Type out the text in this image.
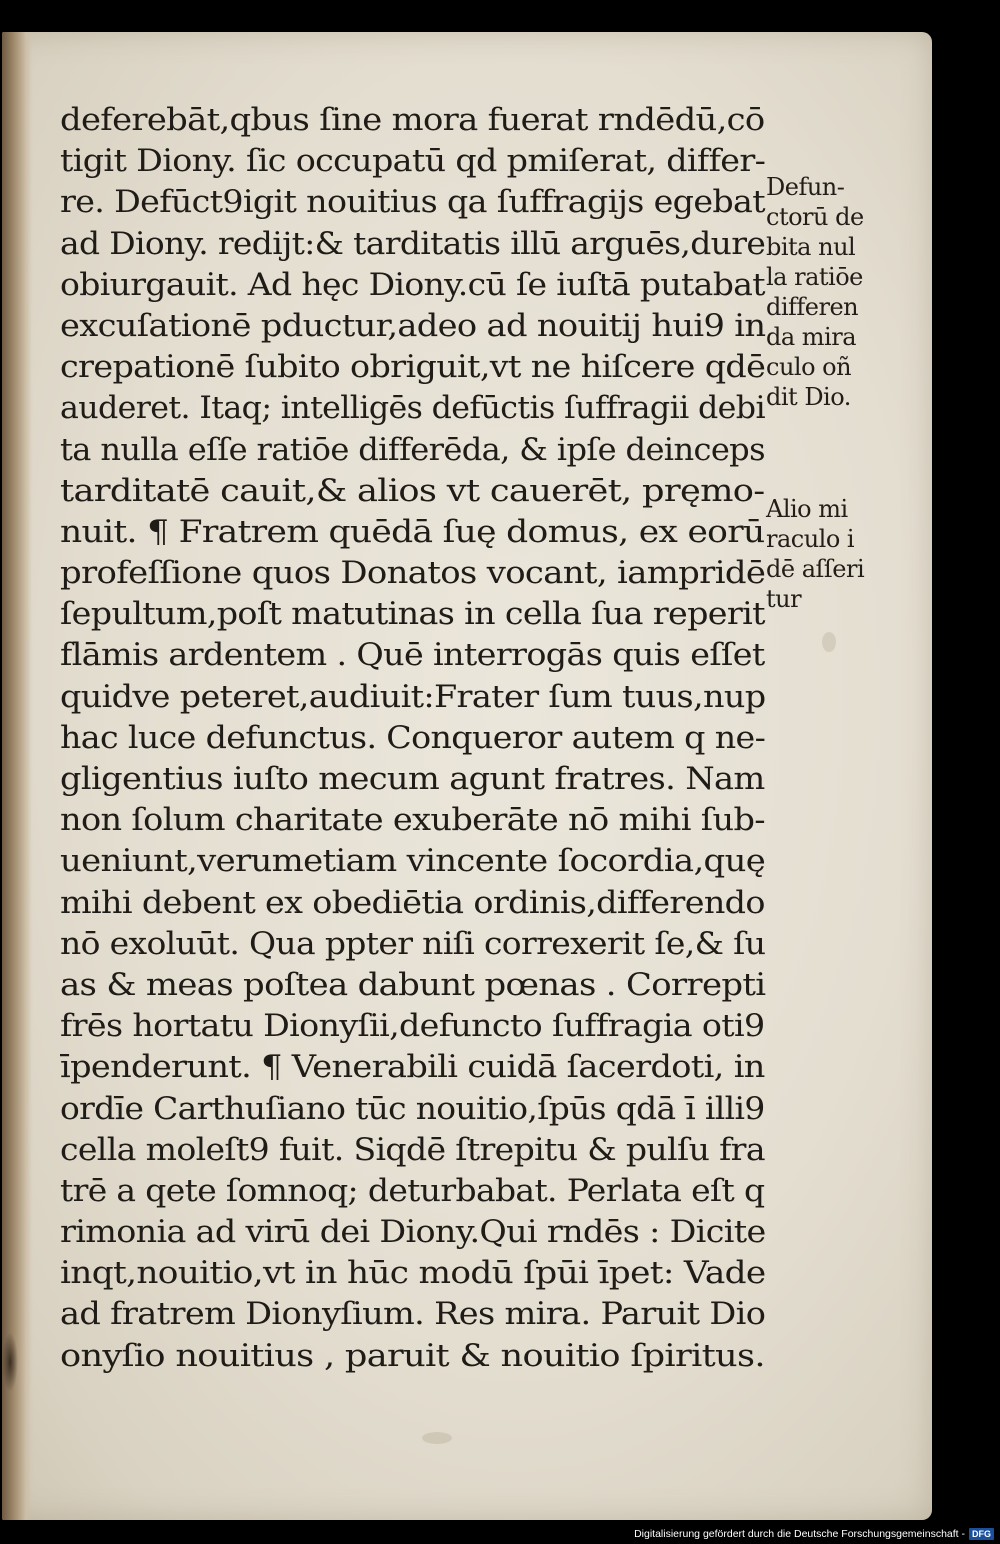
deferebāt,qbus ſine mora fuerat rndēdū,cō
tigit Diony. ſic occupatū qd pmiſerat, differ-
re. Defūct9igit nouitius qa ſuffragijs egebat
ad Diony. redijt:& tarditatis illū arguēs,dure
obiurgauit. Ad hęc Diony.cū ſe iuſtā putabat
excuſationē pductur,adeo ad nouitij hui9 in
crepationē ſubito obriguit,vt ne hiſcere qdē
auderet. Itaq; intelligēs defūctis ſuffragii debi
ta nulla eſſe ratiōe differēda, & ipſe deinceps
tarditatē cauit,& alios vt cauerēt, pręmo-
nuit. ¶ Fratrem quēdā ſuę domus, ex eorū
profeſſione quos Donatos vocant, iampridē
ſepultum,poſt matutinas in cella ſua reperit
flāmis ardentem . Quē interrogās quis eſſet
quidve peteret,audiuit:Frater ſum tuus,nup
hac luce defunctus. Conqueror autem q ne-
gligentius iuſto mecum agunt fratres. Nam
non ſolum charitate exuberāte nō mihi ſub-
ueniunt,verumetiam vincente ſocordia,quę
mihi debent ex obediētia ordinis,differendo
nō exoluūt. Qua ppter niſi correxerit ſe,& ſu
as & meas poſtea dabunt pœnas . Correpti
frēs hortatu Dionyſii,defuncto ſuffragia oti9
īpenderunt. ¶ Venerabili cuidā ſacerdoti, in
ordīe Carthuſiano tūc nouitio,ſpūs qdā ī illi9
cella moleſt9 fuit. Siqdē ſtrepitu & pulſu fra
trē a qete ſomnoq; deturbabat. Perlata eſt q
rimonia ad virū dei Diony.Qui rndēs : Dicite
inqt,nouitio,vt in hūc modū ſpūi īpet: Vade
ad fratrem Dionyſium. Res mira. Paruit Dio
onyſio nouitius , paruit & nouitio ſpiritus.
Defun-
ctorū de
bita nul
la ratiōe
differen
da mira
culo oñ
dit Dio.
Alio mi
raculo i
dē aſſeri
tur
Digitalisierung gefördert durch die Deutsche Forschungsgemeinschaft - DFG
